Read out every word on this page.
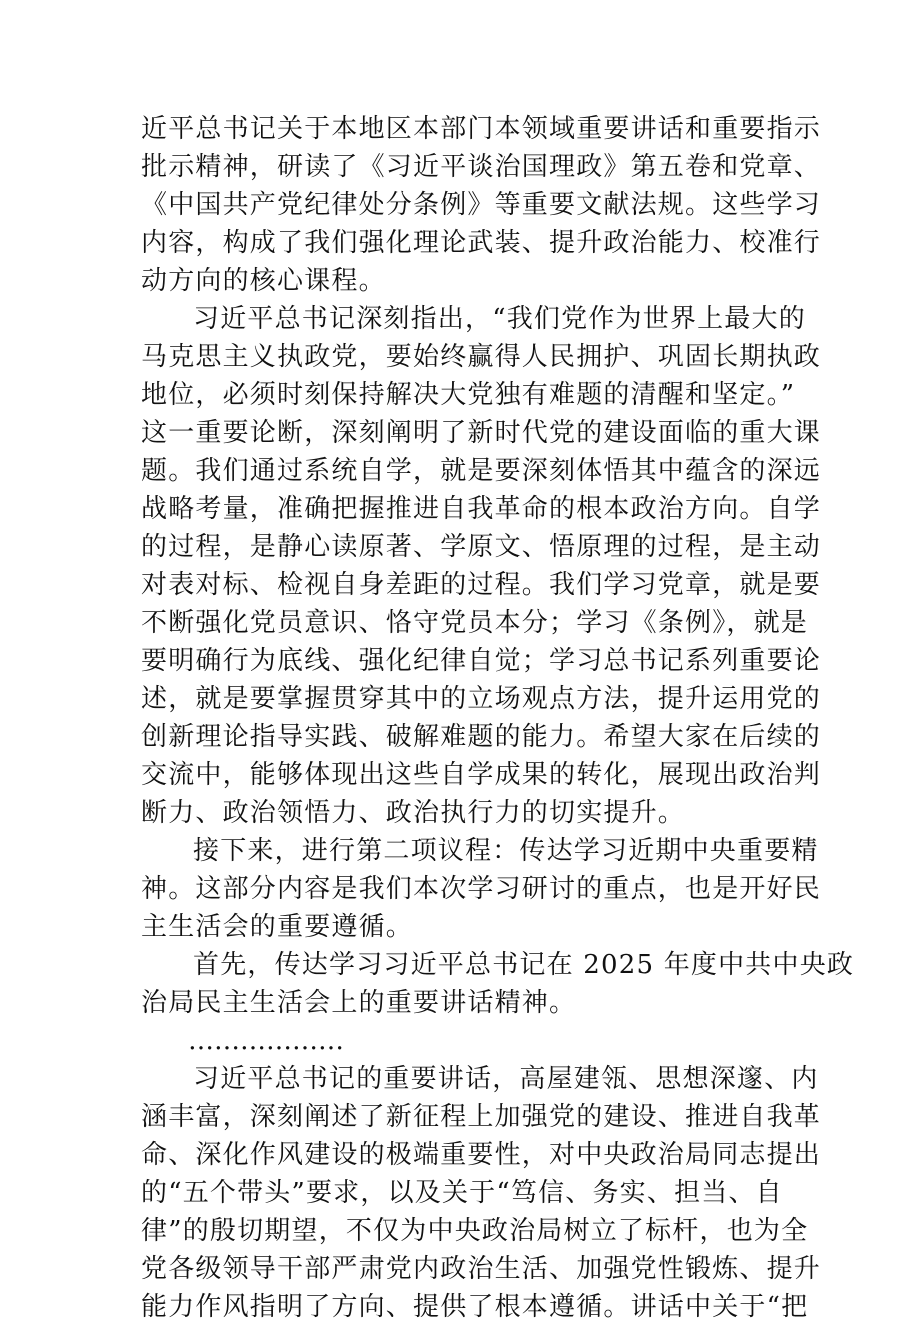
近平总书记关于本地区本部门本领域重要讲话和重要指示
批示精神，研读了《习近平谈治国理政》第五卷和党章、
《中国共产党纪律处分条例》等重要文献法规。这些学习
内容，构成了我们强化理论武装、提升政治能力、校准行
动方向的核心课程。
习近平总书记深刻指出，“我们党作为世界上最大的
马克思主义执政党，要始终赢得人民拥护、巩固长期执政
地位，必须时刻保持解决大党独有难题的清醒和坚定。”
这一重要论断，深刻阐明了新时代党的建设面临的重大课
题。我们通过系统自学，就是要深刻体悟其中蕴含的深远
战略考量，准确把握推进自我革命的根本政治方向。自学
的过程，是静心读原著、学原文、悟原理的过程，是主动
对表对标、检视自身差距的过程。我们学习党章，就是要
不断强化党员意识、恪守党员本分；学习《条例》，就是
要明确行为底线、强化纪律自觉；学习总书记系列重要论
述，就是要掌握贯穿其中的立场观点方法，提升运用党的
创新理论指导实践、破解难题的能力。希望大家在后续的
交流中，能够体现出这些自学成果的转化，展现出政治判
断力、政治领悟力、政治执行力的切实提升。
接下来，进行第二项议程：传达学习近期中央重要精
神。这部分内容是我们本次学习研讨的重点，也是开好民
主生活会的重要遵循。
首先，传达学习习近平总书记在 2025 年度中共中央政
治局民主生活会上的重要讲话精神。
………………
习近平总书记的重要讲话，高屋建瓴、思想深邃、内
涵丰富，深刻阐述了新征程上加强党的建设、推进自我革
命、深化作风建设的极端重要性，对中央政治局同志提出
的“五个带头”要求，以及关于“笃信、务实、担当、自
律”的殷切期望，不仅为中央政治局树立了标杆，也为全
党各级领导干部严肃党内政治生活、加强党性锻炼、提升
能力作风指明了方向、提供了根本遵循。讲话中关于“把
